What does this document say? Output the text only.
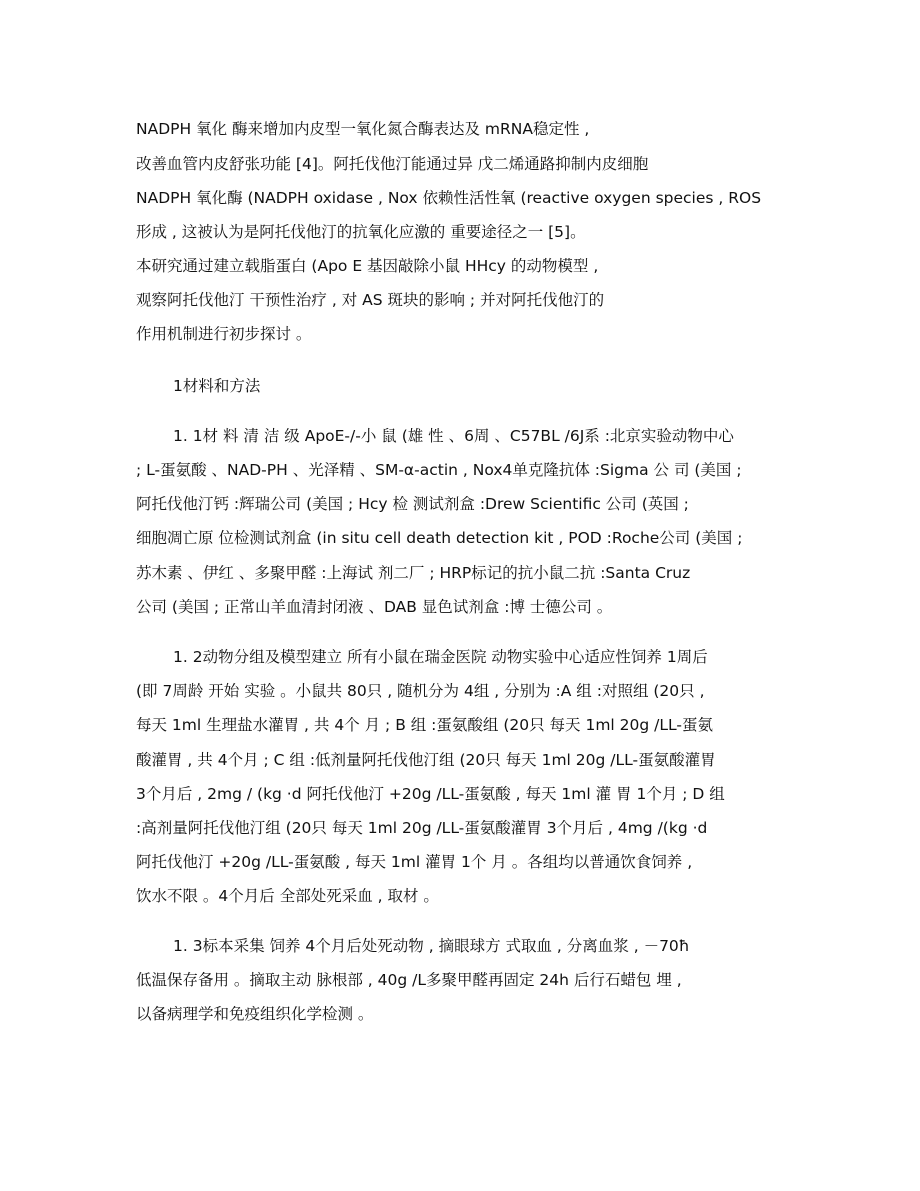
NADPH 氧化 酶来增加内皮型一氧化氮合酶表达及 mRNA稳定性 ,
改善血管内皮舒张功能 [4]。阿托伐他汀能通过异 戊二烯通路抑制内皮细胞
NADPH 氧化酶 (NADPH oxidase , Nox 依赖性活性氧 (reactive oxygen species , ROS
形成 , 这被认为是阿托伐他汀的抗氧化应激的 重要途径之一 [5]。
本研究通过建立载脂蛋白 (Apo E 基因敲除小鼠 HHcy 的动物模型 ,
观察阿托伐他汀 干预性治疗 , 对 AS 斑块的影响 ; 并对阿托伐他汀的
作用机制进行初步探讨 。
1材料和方法
1. 1材 料 清 洁 级 ApoE-/-小 鼠 (雄 性 、6周 、C57BL /6J系 :北京实验动物中心
; L-蛋氨酸 、NAD-PH 、光泽精 、SM-α-actin , Nox4单克隆抗体 :Sigma 公 司 (美国 ;
阿托伐他汀钙 :辉瑞公司 (美国 ; Hcy 检 测试剂盒 :Drew Scientific 公司 (英国 ;
细胞凋亡原 位检测试剂盒 (in situ cell death detection kit , POD :Roche公司 (美国 ;
苏木素 、伊红 、多聚甲醛 :上海试 剂二厂 ; HRP标记的抗小鼠二抗 :Santa Cruz
公司 (美国 ; 正常山羊血清封闭液 、DAB 显色试剂盒 :博 士德公司 。
1. 2动物分组及模型建立 所有小鼠在瑞金医院 动物实验中心适应性饲养 1周后
(即 7周龄 开始 实验 。小鼠共 80只 , 随机分为 4组 , 分别为 :A 组 :对照组 (20只 ,
每天 1ml 生理盐水灌胃 , 共 4个 月 ; B 组 :蛋氨酸组 (20只 每天 1ml 20g /LL-蛋氨
酸灌胃 , 共 4个月 ; C 组 :低剂量阿托伐他汀组 (20只 每天 1ml 20g /LL-蛋氨酸灌胃
3个月后 , 2mg / (kg ·d 阿托伐他汀 +20g /LL-蛋氨酸 , 每天 1ml 灌 胃 1个月 ; D 组
:高剂量阿托伐他汀组 (20只 每天 1ml 20g /LL-蛋氨酸灌胃 3个月后 , 4mg /(kg ·d
阿托伐他汀 +20g /LL-蛋氨酸 , 每天 1ml 灌胃 1个 月 。各组均以普通饮食饲养 ,
饮水不限 。4个月后 全部处死采血 , 取材 。
1. 3标本采集 饲养 4个月后处死动物 , 摘眼球方 式取血 , 分离血浆 , －70ħ
低温保存备用 。摘取主动 脉根部 , 40g /L多聚甲醛再固定 24h 后行石蜡包 埋 ,
以备病理学和免疫组织化学检测 。
